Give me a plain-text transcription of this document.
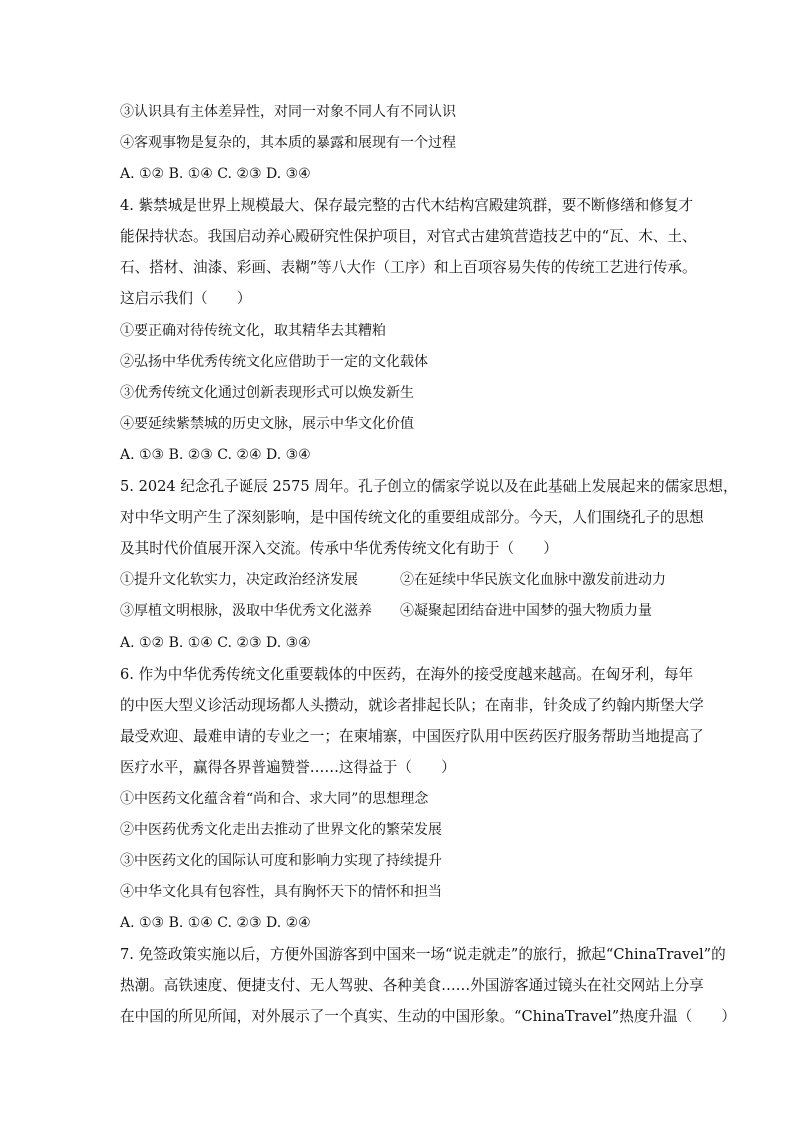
③认识具有主体差异性，对同一对象不同人有不同认识
④客观事物是复杂的，其本质的暴露和展现有一个过程
A. ①② B. ①④ C. ②③ D. ③④
4. 紫禁城是世界上规模最大、保存最完整的古代木结构宫殿建筑群，要不断修缮和修复才
能保持状态。我国启动养心殿研究性保护项目，对官式古建筑营造技艺中的“瓦、木、土、
石、搭材、油漆、彩画、表糊”等八大作（工序）和上百项容易失传的传统工艺进行传承。
这启示我们（　　）
①要正确对待传统文化，取其精华去其糟粕
②弘扬中华优秀传统文化应借助于一定的文化载体
③优秀传统文化通过创新表现形式可以焕发新生
④要延续紫禁城的历史文脉，展示中华文化价值
A. ①③ B. ②③ C. ②④ D. ③④
5. 2024 纪念孔子诞辰 2575 周年。孔子创立的儒家学说以及在此基础上发展起来的儒家思想，
对中华文明产生了深刻影响，是中国传统文化的重要组成部分。今天，人们围绕孔子的思想
及其时代价值展开深入交流。传承中华优秀传统文化有助于（　　）
①提升文化软实力，决定政治经济发展	②在延续中华民族文化血脉中激发前进动力
③厚植文明根脉，汲取中华优秀文化滋养 ④凝聚起团结奋进中国梦的强大物质力量
A. ①② B. ①④ C. ②③ D. ③④
6. 作为中华优秀传统文化重要载体的中医药，在海外的接受度越来越高。在匈牙利，每年
的中医大型义诊活动现场都人头攒动，就诊者排起长队；在南非，针灸成了约翰内斯堡大学
最受欢迎、最难申请的专业之一；在柬埔寨，中国医疗队用中医药医疗服务帮助当地提高了
医疗水平，赢得各界普遍赞誉……这得益于（　　）
①中医药文化蕴含着“尚和合、求大同”的思想理念
②中医药优秀文化走出去推动了世界文化的繁荣发展
③中医药文化的国际认可度和影响力实现了持续提升
④中华文化具有包容性，具有胸怀天下的情怀和担当
A. ①③ B. ①④ C. ②③ D. ②④
7. 免签政策实施以后，方便外国游客到中国来一场“说走就走”的旅行，掀起“ChinaTravel”的
热潮。高铁速度、便捷支付、无人驾驶、各种美食……外国游客通过镜头在社交网站上分享
在中国的所见所闻，对外展示了一个真实、生动的中国形象。“ChinaTravel”热度升温（　　）
